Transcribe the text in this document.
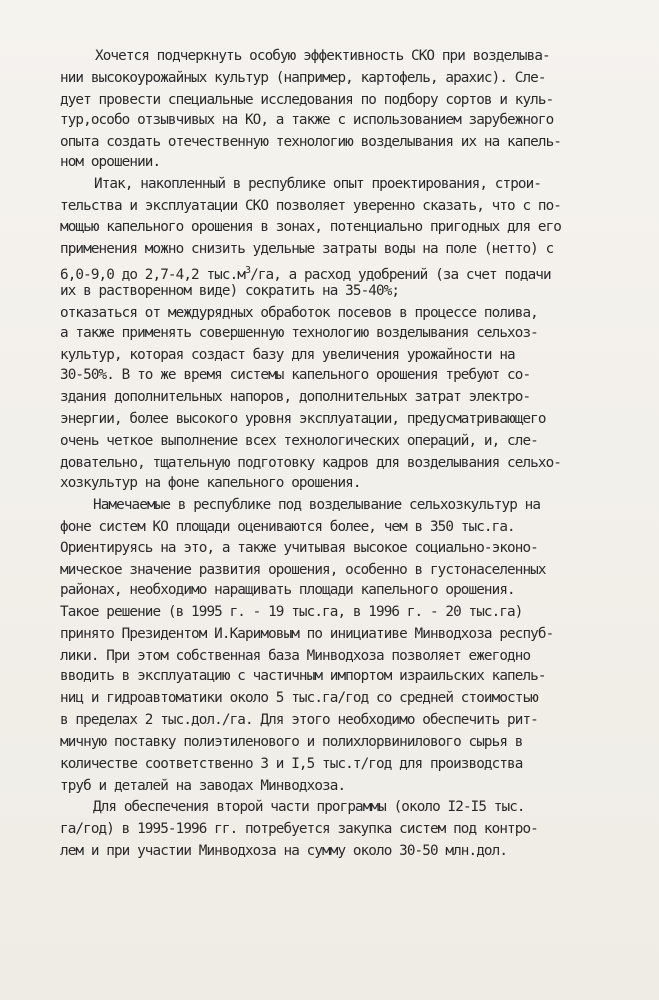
Хочется подчеркнуть особую эффективность СКО при возделыва-
нии высокоурожайных культур (например, картофель, арахис). Сле-
дует провести специальные исследования по подбору сортов и куль-
тур,особо отзывчивых на КО, а также с использованием зарубежного
опыта создать отечественную технологию возделывания их на капель-
ном орошении.
Итак, накопленный в республике опыт проектирования, строи-
тельства и эксплуатации СКО позволяет уверенно сказать, что с по-
мощью капельного орошения в зонах, потенциально пригодных для его
применения можно снизить удельные затраты воды на поле (нетто) с
6,0-9,0 до 2,7-4,2 $тыс.м^3/га$, а расход удобрений (за счет подачи
их в растворенном виде) сократить на 35-40%;
отказаться от междурядных обработок посевов в процессе полива,
а также применять совершенную технологию возделывания сельхоз-
культур, которая создаст базу для увеличения урожайности на
30-50%. В то же время системы капельного орошения требуют со-
здания дополнительных напоров, дополнительных затрат электро-
энергии, более высокого уровня эксплуатации, предусматривающего
очень четкое выполнение всех технологических операций, и, сле-
довательно, тщательную подготовку кадров для возделывания сельхо-
хозкультур на фоне капельного орошения.
Намечаемые в республике под возделывание сельхозкультур на
фоне систем КО площади оцениваются более, чем в 350 тыс.га.
Ориентируясь на это, а также учитывая высокое социально-эконо-
мическое значение развития орошения, особенно в густонаселенных
районах, необходимо наращивать площади капельного орошения.
Такое решение (в 1995 г. - 19 тыс.га, в 1996 г. - 20 тыс.га)
принято Президентом И.Каримовым по инициативе Минводхоза респуб-
лики. При этом собственная база Минводхоза позволяет ежегодно
вводить в эксплуатацию с частичным импортом израильских капель-
ниц и гидроавтоматики около 5 тыс.га/год со средней стоимостью
в пределах 2 тыс.дол./га. Для этого необходимо обеспечить рит-
мичную поставку полиэтиленового и полихлорвинилового сырья в
количестве соответственно 3 и I,5 тыс.т/год для производства
труб и деталей на заводах Минводхоза.
Для обеспечения второй части программы (около I2-I5 тыс.
га/год) в 1995-1996 гг. потребуется закупка систем под контро-
лем и при участии Минводхоза на сумму около 30-50 млн.дол.
